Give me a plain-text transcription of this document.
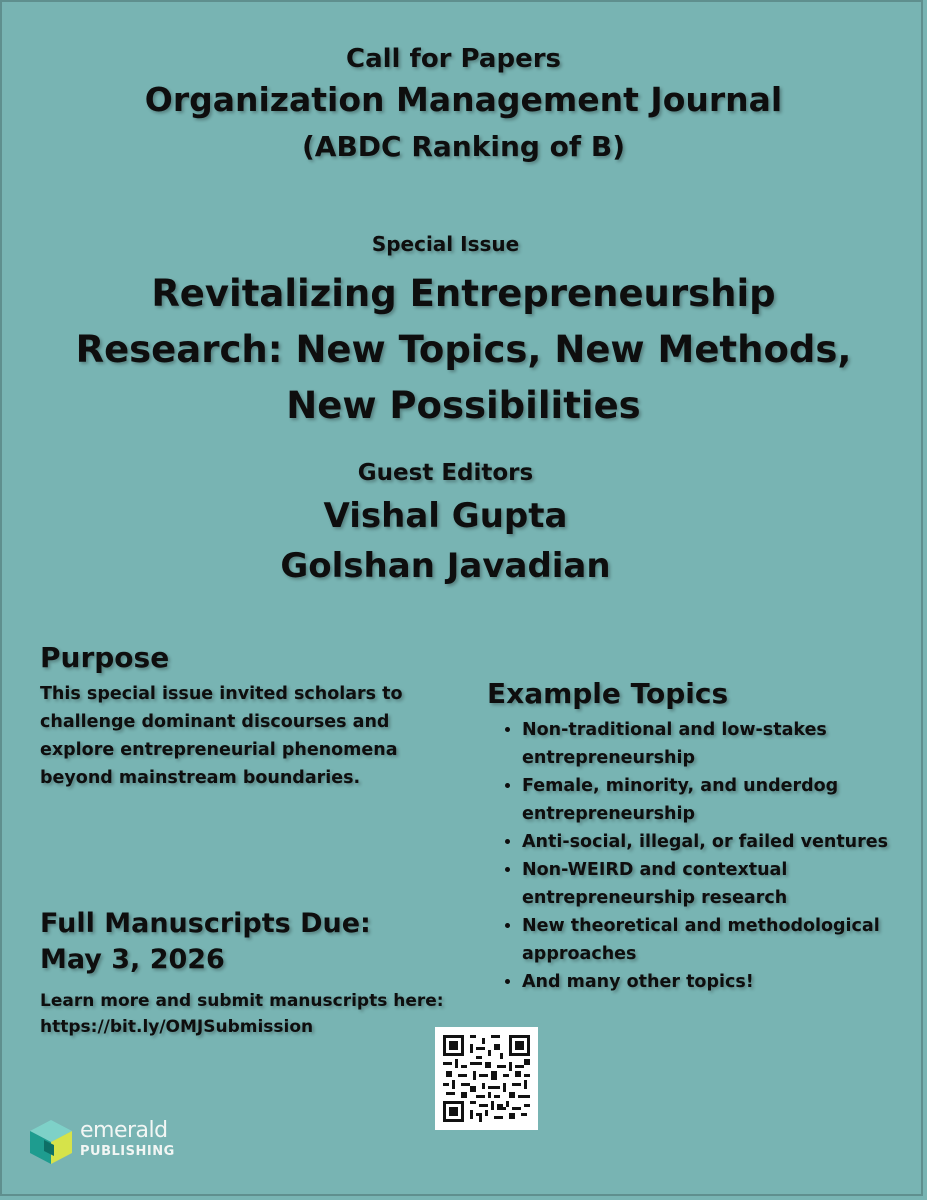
Call for Papers
Organization Management Journal
(ABDC Ranking of B)
Special Issue
Revitalizing Entrepreneurship
Research: New Topics, New Methods,
New Possibilities
Guest Editors
Vishal Gupta
Golshan Javadian
Purpose
This special issue invited scholars to
challenge dominant discourses and
explore entrepreneurial phenomena
beyond mainstream boundaries.
Example Topics
• Non-traditional and low-stakes entrepreneurship
• Female, minority, and underdog entrepreneurship
• Anti-social, illegal, or failed ventures
• Non-WEIRD and contextual entrepreneurship research
• New theoretical and methodological approaches
• And many other topics!
Full Manuscripts Due:
May 3, 2026
Learn more and submit manuscripts here:
https://bit.ly/OMJSubmission
emerald
PUBLISHING
